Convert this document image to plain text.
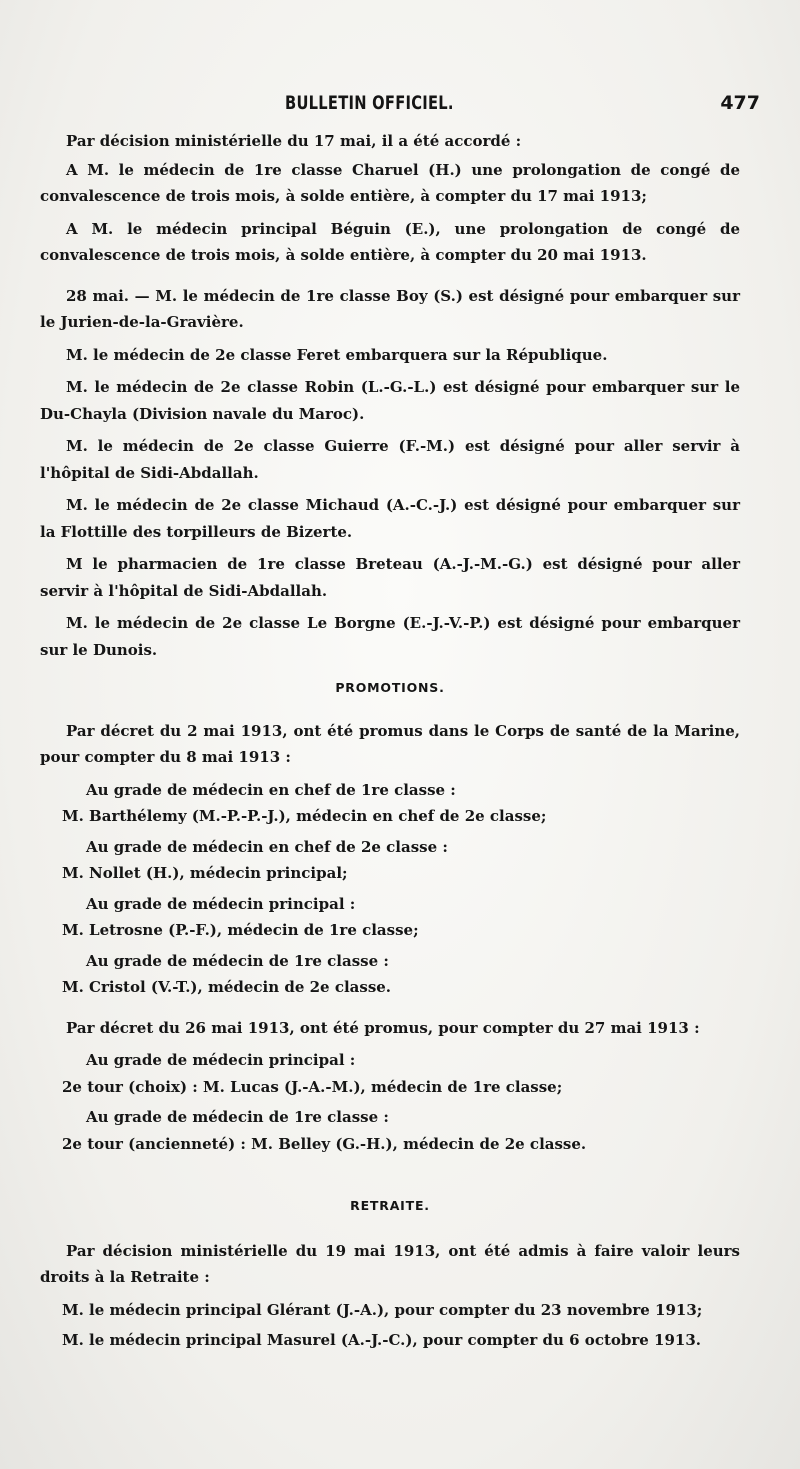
BULLETIN OFFICIEL.	477

Par décision ministérielle du 17 mai, il a été accordé :

A M. le médecin de 1re classe Charuel (H.) une prolongation de congé de convalescence de trois mois, à solde entière, à compter du 17 mai 1913;

A M. le médecin principal Béguin (E.), une prolongation de congé de convalescence de trois mois, à solde entière, à compter du 20 mai 1913.

28 mai. — M. le médecin de 1re classe Boy (S.) est désigné pour embarquer sur le Jurien-de-la-Gravière.

M. le médecin de 2e classe Feret embarquera sur la République.

M. le médecin de 2e classe Robin (L.-G.-L.) est désigné pour embarquer sur le Du-Chayla (Division navale du Maroc).

M. le médecin de 2e classe Guierre (F.-M.) est désigné pour aller servir à l'hôpital de Sidi-Abdallah.

M. le médecin de 2e classe Michaud (A.-C.-J.) est désigné pour embarquer sur la Flottille des torpilleurs de Bizerte.

M le pharmacien de 1re classe Breteau (A.-J.-M.-G.) est désigné pour aller servir à l'hôpital de Sidi-Abdallah.

M. le médecin de 2e classe Le Borgne (E.-J.-V.-P.) est désigné pour embarquer sur le Dunois.

PROMOTIONS.

Par décret du 2 mai 1913, ont été promus dans le Corps de santé de la Marine, pour compter du 8 mai 1913 :

Au grade de médecin en chef de 1re classe :

M. Barthélemy (M.-P.-P.-J.), médecin en chef de 2e classe;

Au grade de médecin en chef de 2e classe :

M. Nollet (H.), médecin principal;

Au grade de médecin principal :

M. Letrosne (P.-F.), médecin de 1re classe;

Au grade de médecin de 1re classe :

M. Cristol (V.-T.), médecin de 2e classe.

Par décret du 26 mai 1913, ont été promus, pour compter du 27 mai 1913 :

Au grade de médecin principal :

2e tour (choix) : M. Lucas (J.-A.-M.), médecin de 1re classe;

Au grade de médecin de 1re classe :

2e tour (ancienneté) : M. Belley (G.-H.), médecin de 2e classe.

RETRAITE.

Par décision ministérielle du 19 mai 1913, ont été admis à faire valoir leurs droits à la Retraite :

M. le médecin principal Glérant (J.-A.), pour compter du 23 novembre 1913;

M. le médecin principal Masurel (A.-J.-C.), pour compter du 6 octobre 1913.
